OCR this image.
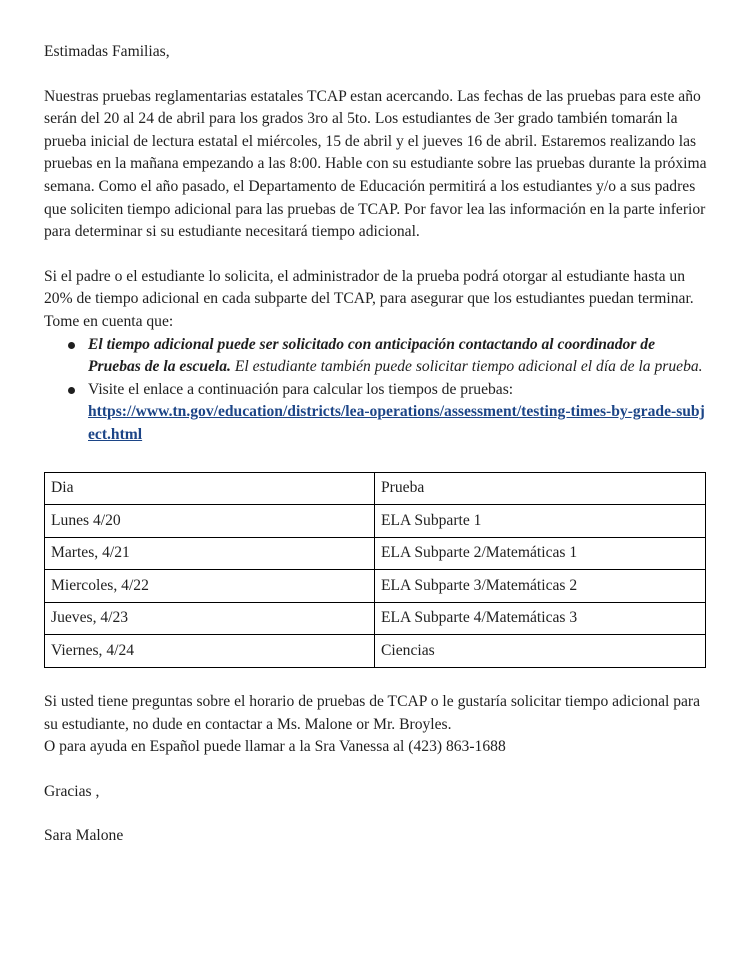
Estimadas Familias,

Nuestras pruebas reglamentarias estatales TCAP estan acercando. Las fechas de las pruebas para este año serán del 20 al 24 de abril para los grados 3ro al 5to. Los estudiantes de 3er grado también tomarán la prueba inicial de lectura estatal el miércoles, 15 de abril y el jueves 16 de abril. Estaremos realizando las pruebas en la mañana empezando a las 8:00. Hable con su estudiante sobre las pruebas durante la próxima semana. Como el año pasado, el Departamento de Educación permitirá a los estudiantes y/o a sus padres que soliciten tiempo adicional para las pruebas de TCAP. Por favor lea las información en la parte inferior para determinar si su estudiante necesitará tiempo adicional.

Si el padre o el estudiante lo solicita, el administrador de la prueba podrá otorgar al estudiante hasta un 20% de tiempo adicional en cada subparte del TCAP, para asegurar que los estudiantes puedan terminar.

Tome en cuenta que:

El tiempo adicional puede ser solicitado con anticipación contactando al coordinador de Pruebas de la escuela. El estudiante también puede solicitar tiempo adicional el día de la prueba.
Visite el enlace a continuación para calcular los tiempos de pruebas:
https://www.tn.gov/education/districts/lea-operations/assessment/testing-times-by-grade-subject.html
Dia	Prueba
Lunes 4/20	ELA Subparte 1
Martes, 4/21	ELA Subparte 2/Matemáticas 1
Miercoles, 4/22	ELA Subparte 3/Matemáticas 2
Jueves, 4/23	ELA Subparte 4/Matemáticas 3
Viernes, 4/24	Ciencias

Si usted tiene preguntas sobre el horario de pruebas de TCAP o le gustaría solicitar tiempo adicional para su estudiante, no dude en contactar a Ms. Malone or Mr. Broyles.

O para ayuda en Español puede llamar a la Sra Vanessa al (423) 863-1688

Gracias ,

Sara Malone
